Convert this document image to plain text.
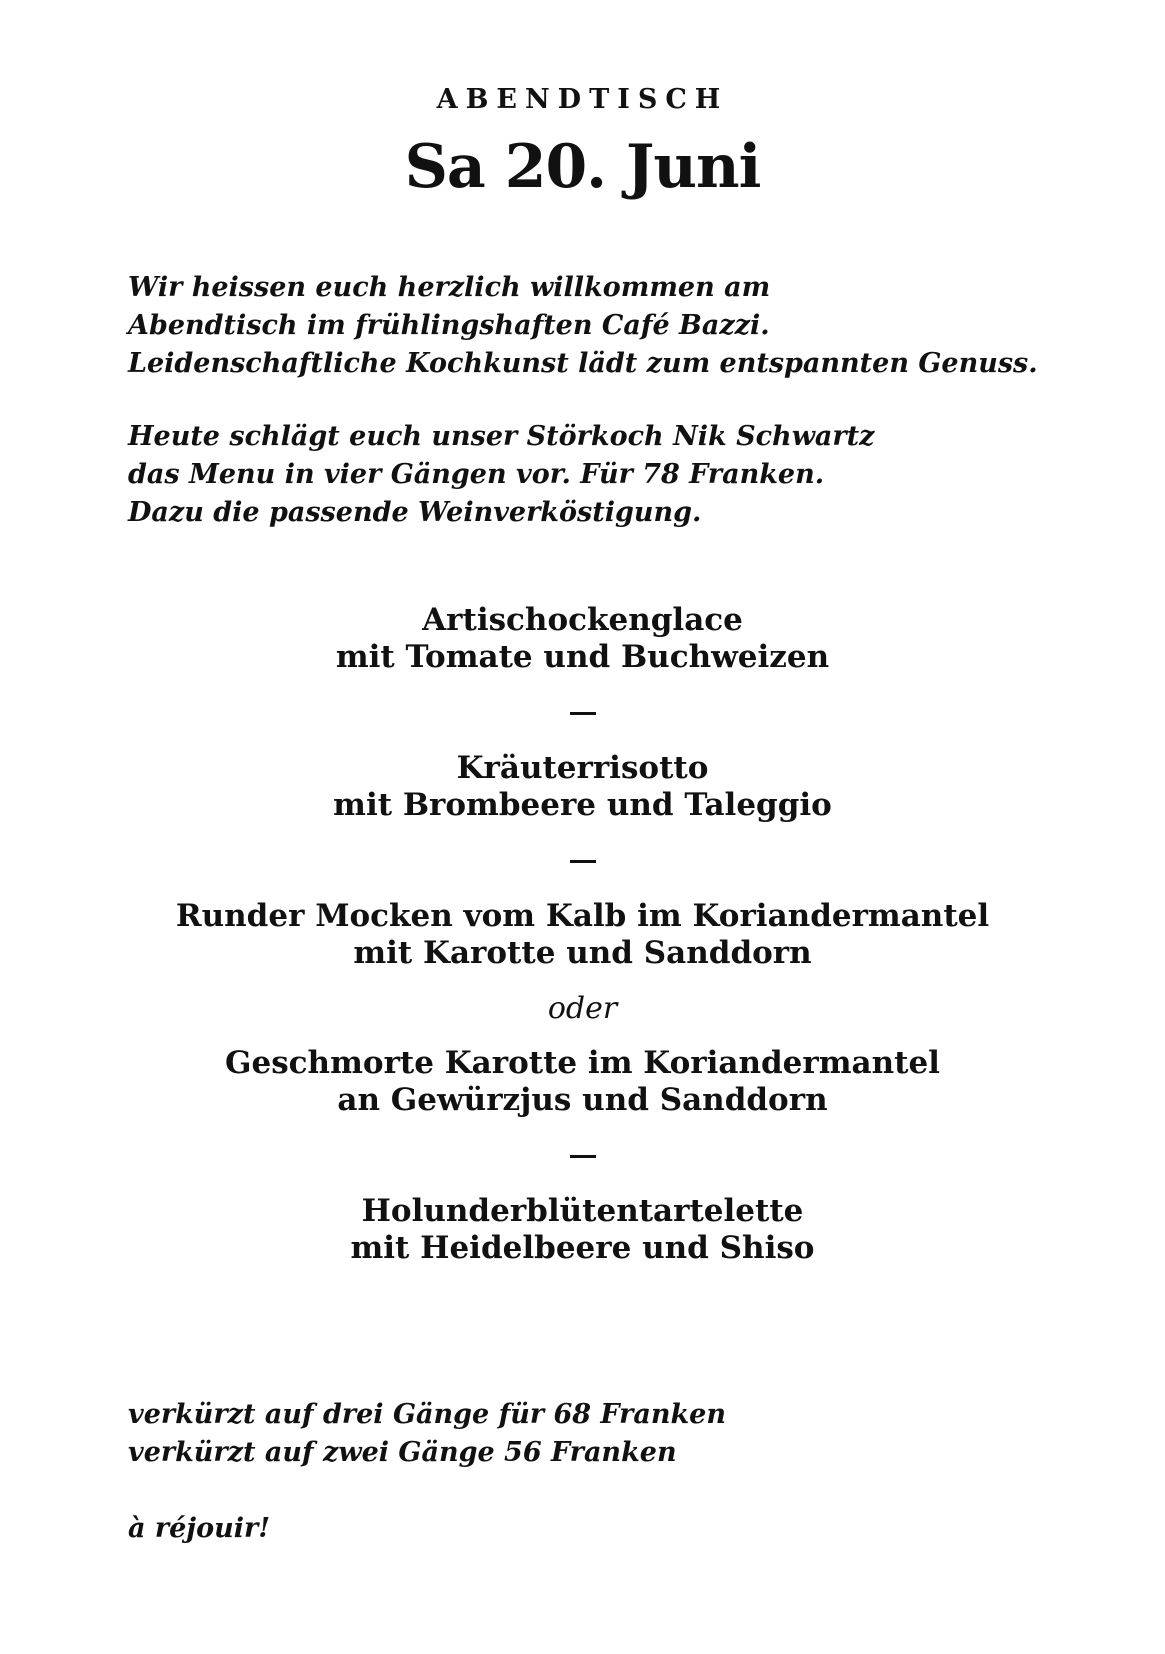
ABENDTISCH
Sa 20. Juni

Wir heissen euch herzlich willkommen am

Abendtisch im frühlingshaften Café Bazzi.

Leidenschaftliche Kochkunst lädt zum entspannten Genuss.

Heute schlägt euch unser Störkoch Nik Schwartz

das Menu in vier Gängen vor. Für 78 Franken.

Dazu die passende Weinverköstigung.

Artischockenglace

mit Tomate und Buchweizen

Kräuterrisotto

mit Brombeere und Taleggio

Runder Mocken vom Kalb im Koriandermantel

mit Karotte und Sanddorn

oder

Geschmorte Karotte im Koriandermantel

an Gewürzjus und Sanddorn

Holunderblütentartelette

mit Heidelbeere und Shiso

verkürzt auf drei Gänge für 68 Franken

verkürzt auf zwei Gänge 56 Franken

à réjouir!
